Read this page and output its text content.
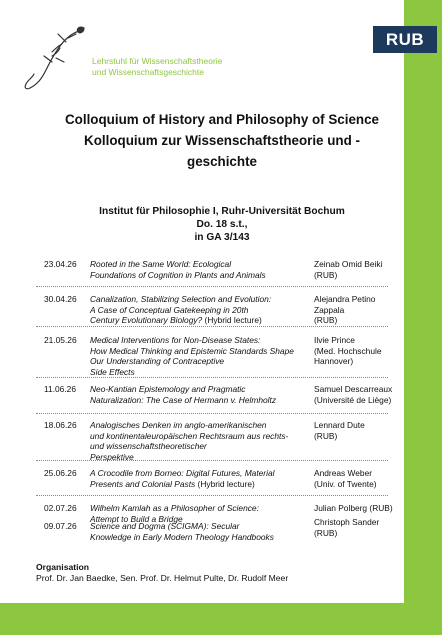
RUB
Lehrstuhl für Wissenschaftstheorie
und Wissenschaftsgeschichte
Colloquium of History and Philosophy of Science
Kolloquium zur Wissenschaftstheorie und -
geschichte
Institut für Philosophie I, Ruhr-Universität Bochum
Do. 18 s.t.,
in GA 3/143
23.04.26 Rooted in the Same World: Ecological
Foundations of Cognition in Plants and Animals
Zeinab Omid Beiki
(RUB)
30.04.26 Canalization, Stabilizing Selection and Evolution:
A Case of Conceptual Gatekeeping in 20th
Century Evolutionary Biology? (Hybrid lecture)
Alejandra Petino
Zappala
(RUB)
21.05.26 Medical Interventions for Non-Disease States:
How Medical Thinking and Epistemic Standards Shape
Our Understanding of Contraceptive
Side Effects
Ilvie Prince
(Med. Hochschule
Hannover)
11.06.26 Neo-Kantian Epistemology and Pragmatic
Naturalization: The Case of Hermann v. Helmholtz
Samuel Descarreaux
(Université de Liège)
18.06.26 Analogisches Denken im anglo-amerikanischen
und kontinentaleuropäischen Rechtsraum aus rechts-
und wissenschaftstheoretischer
Perspektive
Lennard Dute
(RUB)
25.06.26 A Crocodile from Borneo: Digital Futures, Material
Presents and Colonial Pasts (Hybrid lecture)
Andreas Weber
(Univ. of Twente)
02.07.26 Wilhelm Kamlah as a Philosopher of Science:
Attempt to Build a Bridge
Julian Polberg (RUB)
09.07.26 Science and Dogma (SCIGMA): Secular
Knowledge in Early Modern Theology Handbooks
Christoph Sander
(RUB)
Organisation
Prof. Dr. Jan Baedke, Sen. Prof. Dr. Helmut Pulte, Dr. Rudolf Meer
